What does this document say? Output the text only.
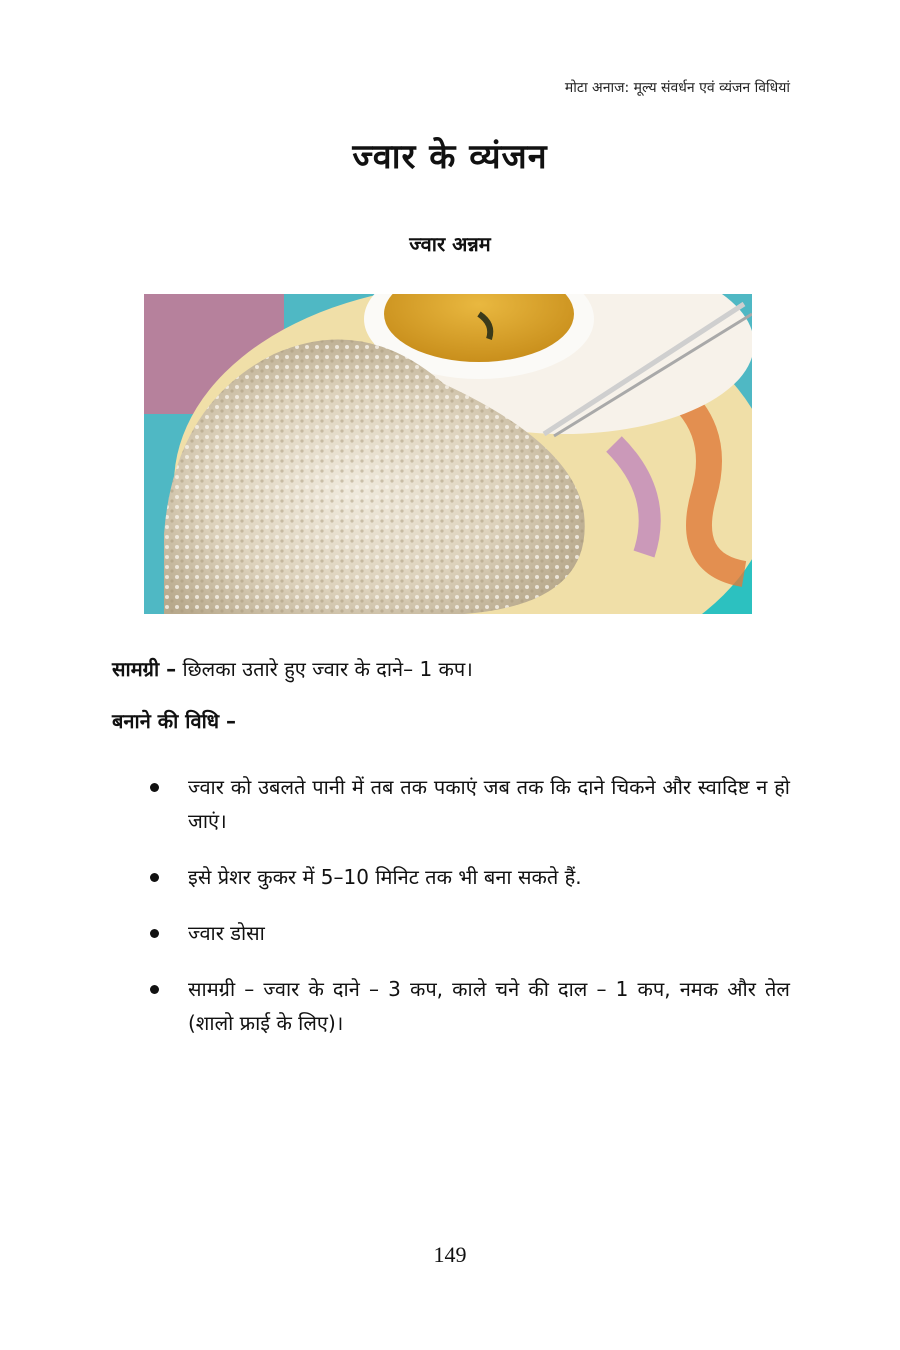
मोटा अनाज: मूल्य संवर्धन एवं व्यंजन विधियां
ज्वार के व्यंजन
ज्वार अन्नम
सामग्री – छिलका उतारे हुए ज्वार के दाने– 1 कप।
बनाने की विधि –
ज्वार को उबलते पानी में तब तक पकाएं जब तक कि दाने चिकने और स्वादिष्ट न हो जाएं।
इसे प्रेशर कुकर में 5–10 मिनिट तक भी बना सकते हैं.
ज्वार डोसा
सामग्री – ज्वार के दाने – 3 कप, काले चने की दाल – 1 कप, नमक और तेल (शालो फ्राई के लिए)।
149
